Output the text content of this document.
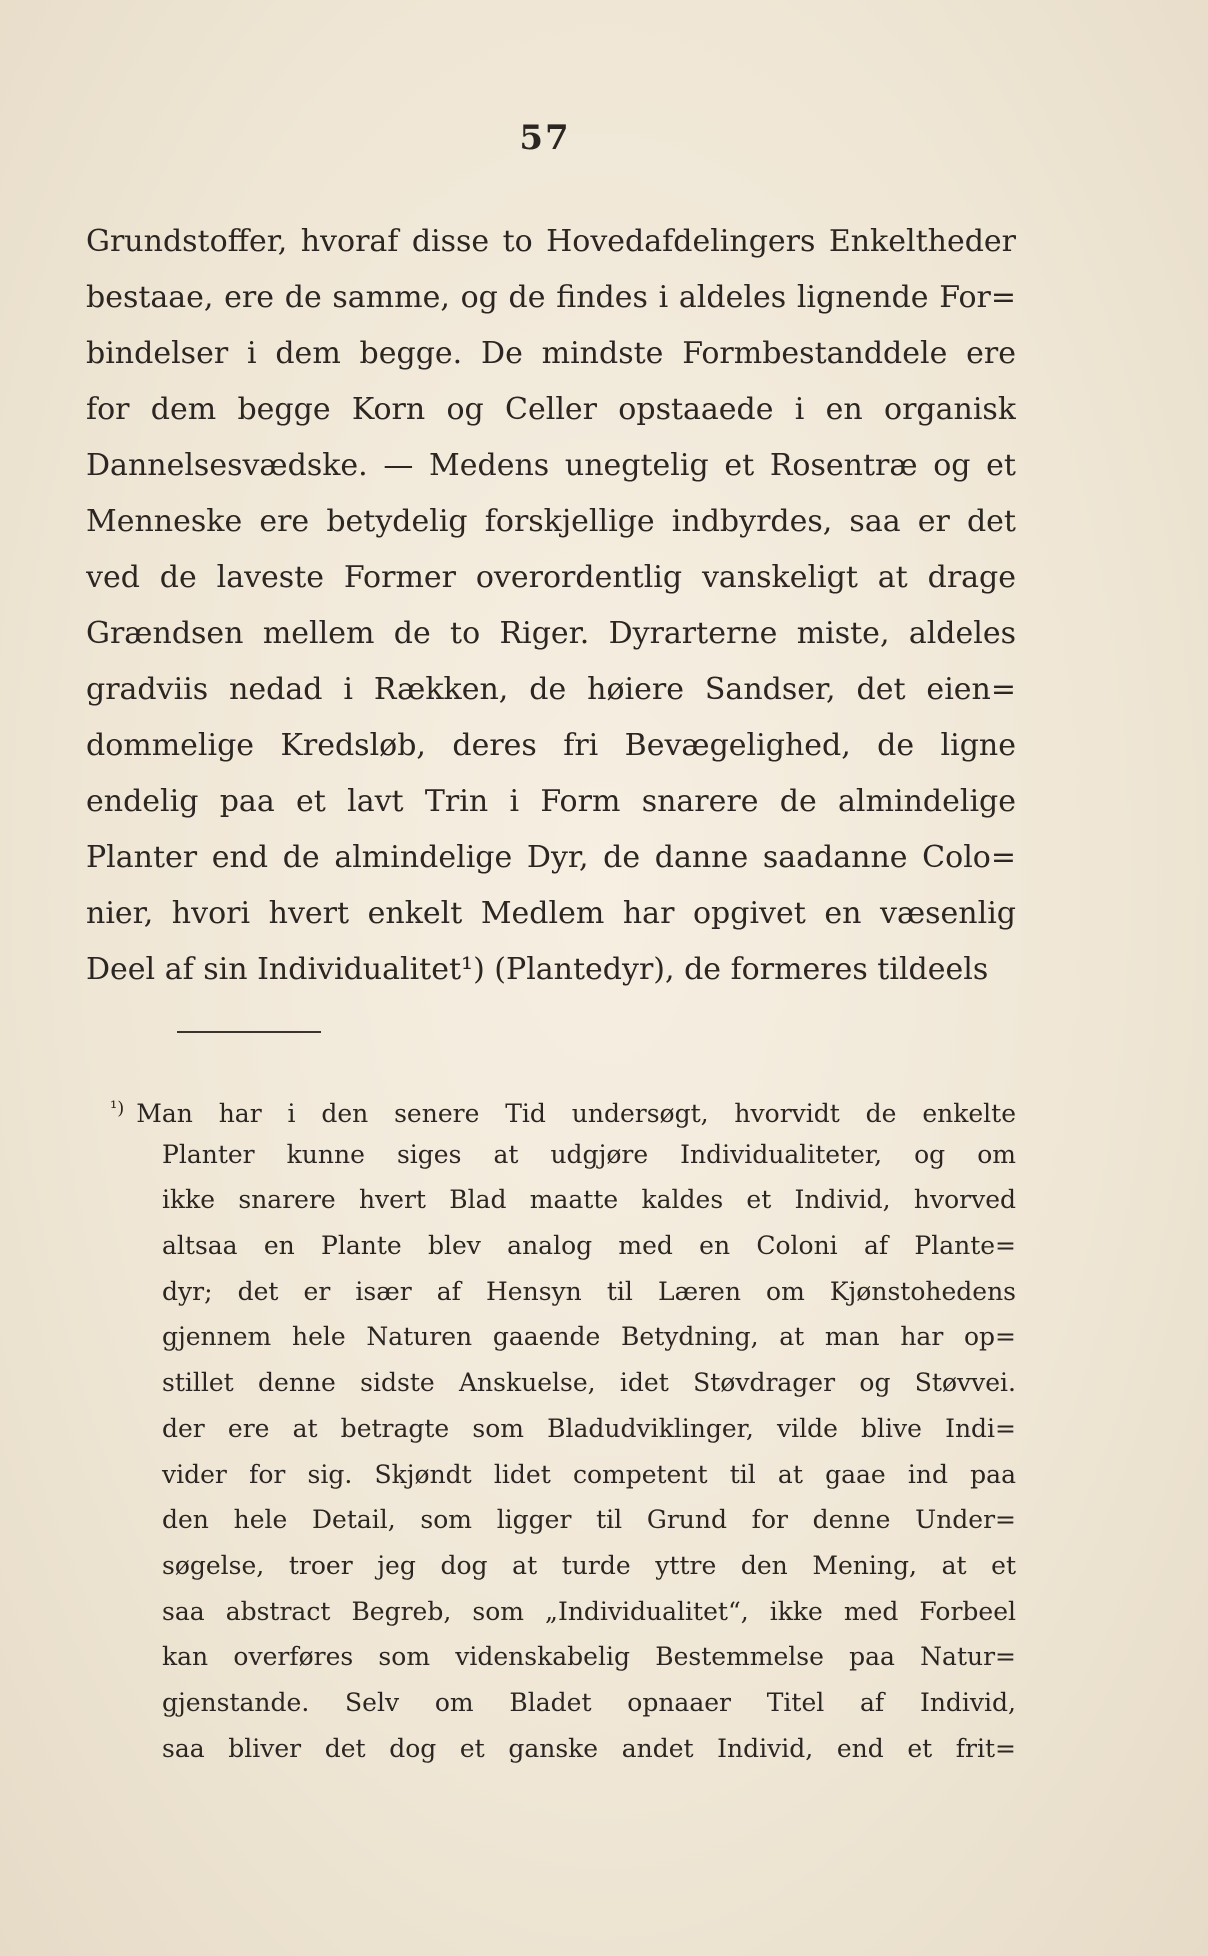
57
Grundstoffer, hvoraf disse to Hovedafdelingers Enkeltheder
bestaae, ere de samme, og de findes i aldeles lignende For=
bindelser i dem begge. De mindste Formbestanddele ere
for dem begge Korn og Celler opstaaede i en organisk
Dannelsesvædske. — Medens unegtelig et Rosentræ og et
Menneske ere betydelig forskjellige indbyrdes, saa er det
ved de laveste Former overordentlig vanskeligt at drage
Grændsen mellem de to Riger. Dyrarterne miste, aldeles
gradviis nedad i Rækken, de høiere Sandser, det eien=
dommelige Kredsløb, deres fri Bevægelighed, de ligne
endelig paa et lavt Trin i Form snarere de almindelige
Planter end de almindelige Dyr, de danne saadanne Colo=
nier, hvori hvert enkelt Medlem har opgivet en væsenlig
Deel af sin Individualitet¹) (Plantedyr), de formeres tildeels
¹) Man har i den senere Tid undersøgt, hvorvidt de enkelte
Planter kunne siges at udgjøre Individualiteter, og om
ikke snarere hvert Blad maatte kaldes et Individ, hvorved
altsaa en Plante blev analog med en Coloni af Plante=
dyr; det er især af Hensyn til Læren om Kjønstohedens
gjennem hele Naturen gaaende Betydning, at man har op=
stillet denne sidste Anskuelse, idet Støvdrager og Støvvei.
der ere at betragte som Bladudviklinger, vilde blive Indi=
vider for sig. Skjøndt lidet competent til at gaae ind paa
den hele Detail, som ligger til Grund for denne Under=
søgelse, troer jeg dog at turde yttre den Mening, at et
saa abstract Begreb, som „Individualitet“, ikke med Forbeel
kan overføres som videnskabelig Bestemmelse paa Natur=
gjenstande. Selv om Bladet opnaaer Titel af Individ,
saa bliver det dog et ganske andet Individ, end et frit=
